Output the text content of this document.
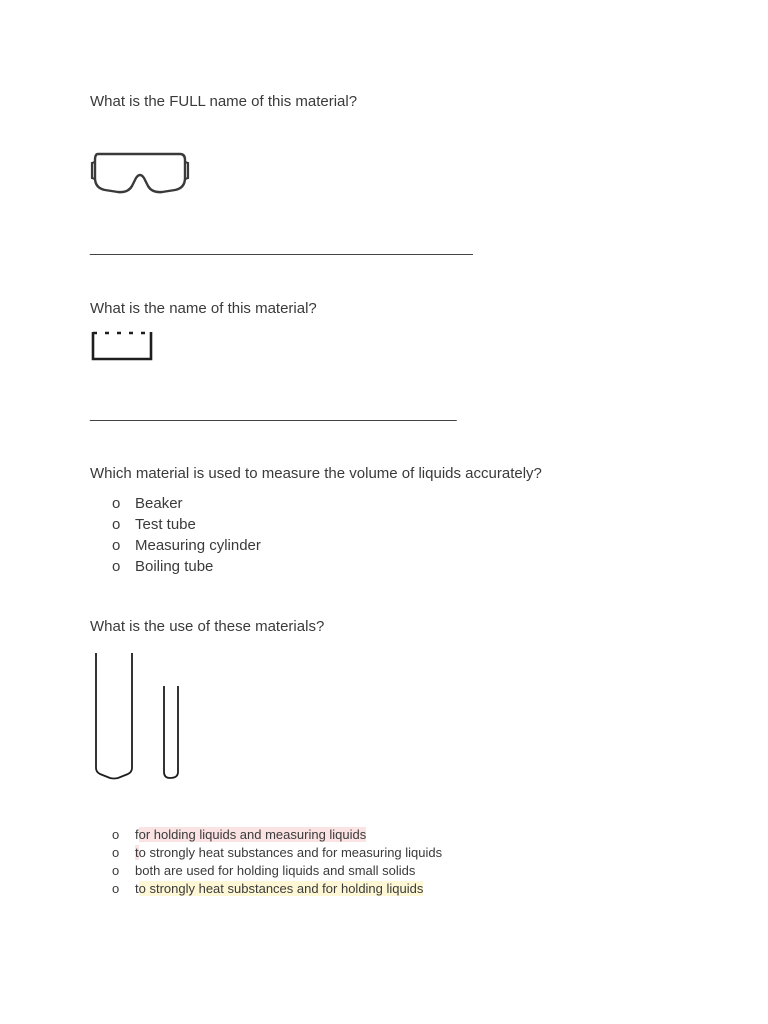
What is the FULL name of this material?
_______________________________________________
What is the name of this material?
_____________________________________________
Which material is used to measure the volume of liquids accurately?
o Beaker
o Test tube
o Measuring cylinder
o Boiling tube
What is the use of these materials?
o for holding liquids and measuring liquids
o to strongly heat substances and for measuring liquids
o both are used for holding liquids and small solids
o to strongly heat substances and for holding liquids
